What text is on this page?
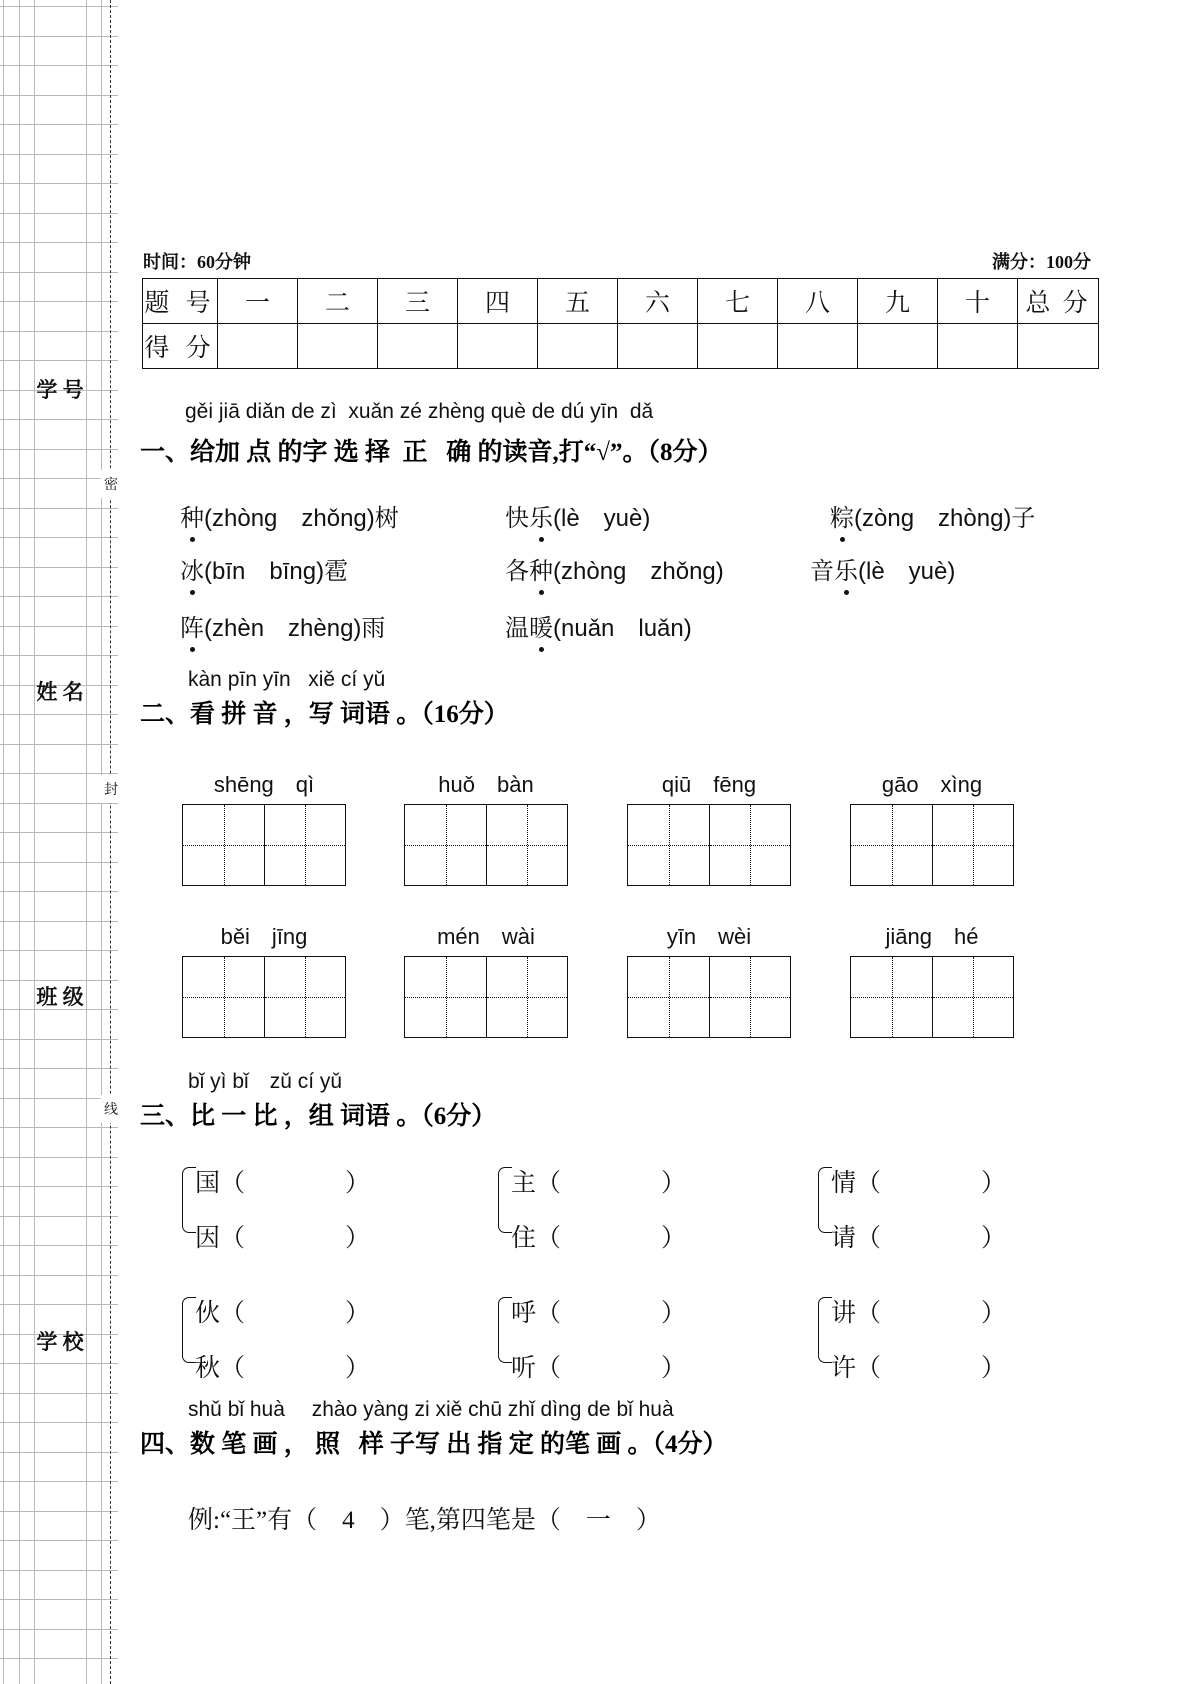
学 号
姓 名
班 级
学 校
密
封
线
时间：60分钟	满分：100分
题 号	一	二	三	四	五	六	七	八	九	十	总 分
得 分											
gěi jiā diǎn de zì  xuǎn zé zhèng què de dú yīn  dǎ
一、给加 点 的字 选 择  正   确 的读音,打“√”。（8分）
种(zhòng　zhǒng)树	快乐(lè　yuè)	粽(zòng　zhòng)子
冰(bīn　bīng)雹	各种(zhòng　zhǒng)	音乐(lè　yuè)
阵(zhèn　zhèng)雨	温暖(nuǎn　luǎn)
kàn pīn yīn   xiě cí yǔ
二、看 拼 音 ，写 词语 。（16分）
shēng　qì	huǒ　bàn	qiū　fēng	gāo　xìng
běi　jīng	mén　wài	yīn　wèi	jiāng　hé
bǐ yì bǐ　zǔ cí yǔ
三、比 一 比 ，组 词语 。（6分）
国（　　　　）
因（　　　　）
主（　　　　）
住（　　　　）
情（　　　　）
请（　　　　）
伙（　　　　）
秋（　　　　）
呼（　　　　）
听（　　　　）
讲（　　　　）
许（　　　　）
shǔ bǐ huà　 zhào yàng zi xiě chū zhǐ dìng de bǐ huà
四、数 笔 画 ， 照   样 子写 出 指 定 的笔 画 。（4分）
例:“王”有（　4　）笔,第四笔是（　一　）
